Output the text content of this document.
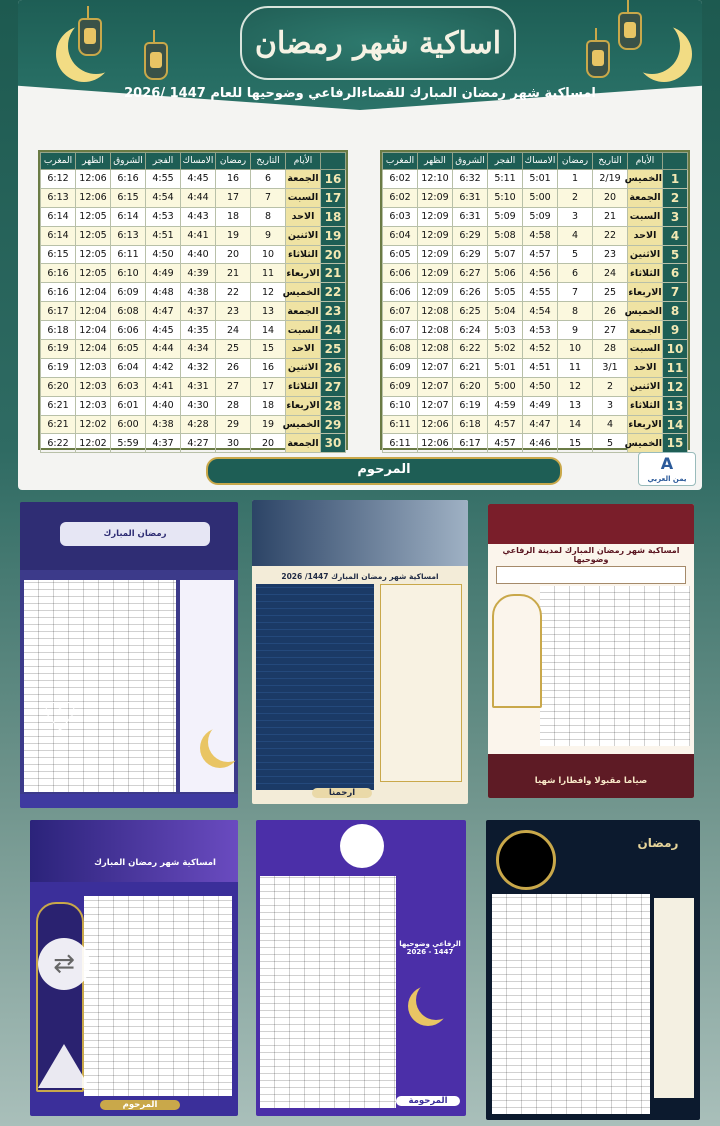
اساكية شهر رمضان
امساكية شهر رمضان المبارك للقضاءالرفاعي وضوحيها للعام 1447 /2026
	الأيام	التاريخ	رمضان	الامساك	الفجر	الشروق	الظهر	المغرب
1	الخميس	2/19	1	5:01	5:11	6:32	12:10	6:02
2	الجمعة	20	2	5:00	5:10	6:31	12:09	6:02
3	السبت	21	3	5:09	5:09	6:31	12:09	6:03
4	الاحد	22	4	4:58	5:08	6:29	12:09	6:04
5	الاثنين	23	5	4:57	5:07	6:29	12:09	6:05
6	الثلاثاء	24	6	4:56	5:06	6:27	12:09	6:06
7	الاربعاء	25	7	4:55	5:05	6:26	12:09	6:06
8	الخميس	26	8	4:54	5:04	6:25	12:08	6:07
9	الجمعة	27	9	4:53	5:03	6:24	12:08	6:07
10	السبت	28	10	4:52	5:02	6:22	12:08	6:08
11	الاحد	3/1	11	4:51	5:01	6:21	12:07	6:09
12	الاثنين	2	12	4:50	5:00	6:20	12:07	6:09
13	الثلاثاء	3	13	4:49	4:59	6:19	12:07	6:10
14	الاربعاء	4	14	4:47	4:57	6:18	12:06	6:11
15	الخميس	5	15	4:46	4:57	6:17	12:06	6:11
	الأيام	التاريخ	رمضان	الامساك	الفجر	الشروق	الظهر	المغرب
16	الجمعة	6	16	4:45	4:55	6:16	12:06	6:12
17	السبت	7	17	4:44	4:54	6:15	12:06	6:13
18	الاحد	8	18	4:43	4:53	6:14	12:05	6:14
19	الاثنين	9	19	4:41	4:51	6:13	12:05	6:14
20	الثلاثاء	10	20	4:40	4:50	6:11	12:05	6:15
21	الاربعاء	11	21	4:39	4:49	6:10	12:05	6:16
22	الخميس	12	22	4:38	4:48	6:09	12:04	6:16
23	الجمعة	13	23	4:37	4:47	6:08	12:04	6:17
24	السبت	14	24	4:35	4:45	6:06	12:04	6:18
25	الاحد	15	25	4:34	4:44	6:05	12:04	6:19
26	الاثنين	16	26	4:32	4:42	6:04	12:03	6:19
27	الثلاثاء	17	27	4:31	4:41	6:03	12:03	6:20
28	الاربعاء	18	28	4:30	4:40	6:01	12:03	6:21
29	الخميس	19	29	4:28	4:38	6:00	12:02	6:21
30	الجمعة	20	30	4:27	4:37	5:59	12:02	6:22
المرحوم	A
يمن العربي
رمضان المبارك
♡
امساكية شهر رمضان المبارك 1447/ 2026
ارحمنا
امساكية شهر رمضان المبارك لمدينة الرفاعي وضوحيها
صياما مقبولا وافطارا شهيا
امساكية شهر رمضان المبارك
المرحوم
⇄
الرفاعي وضوحيها 1447 - 2026
المرحومة
رمضان
